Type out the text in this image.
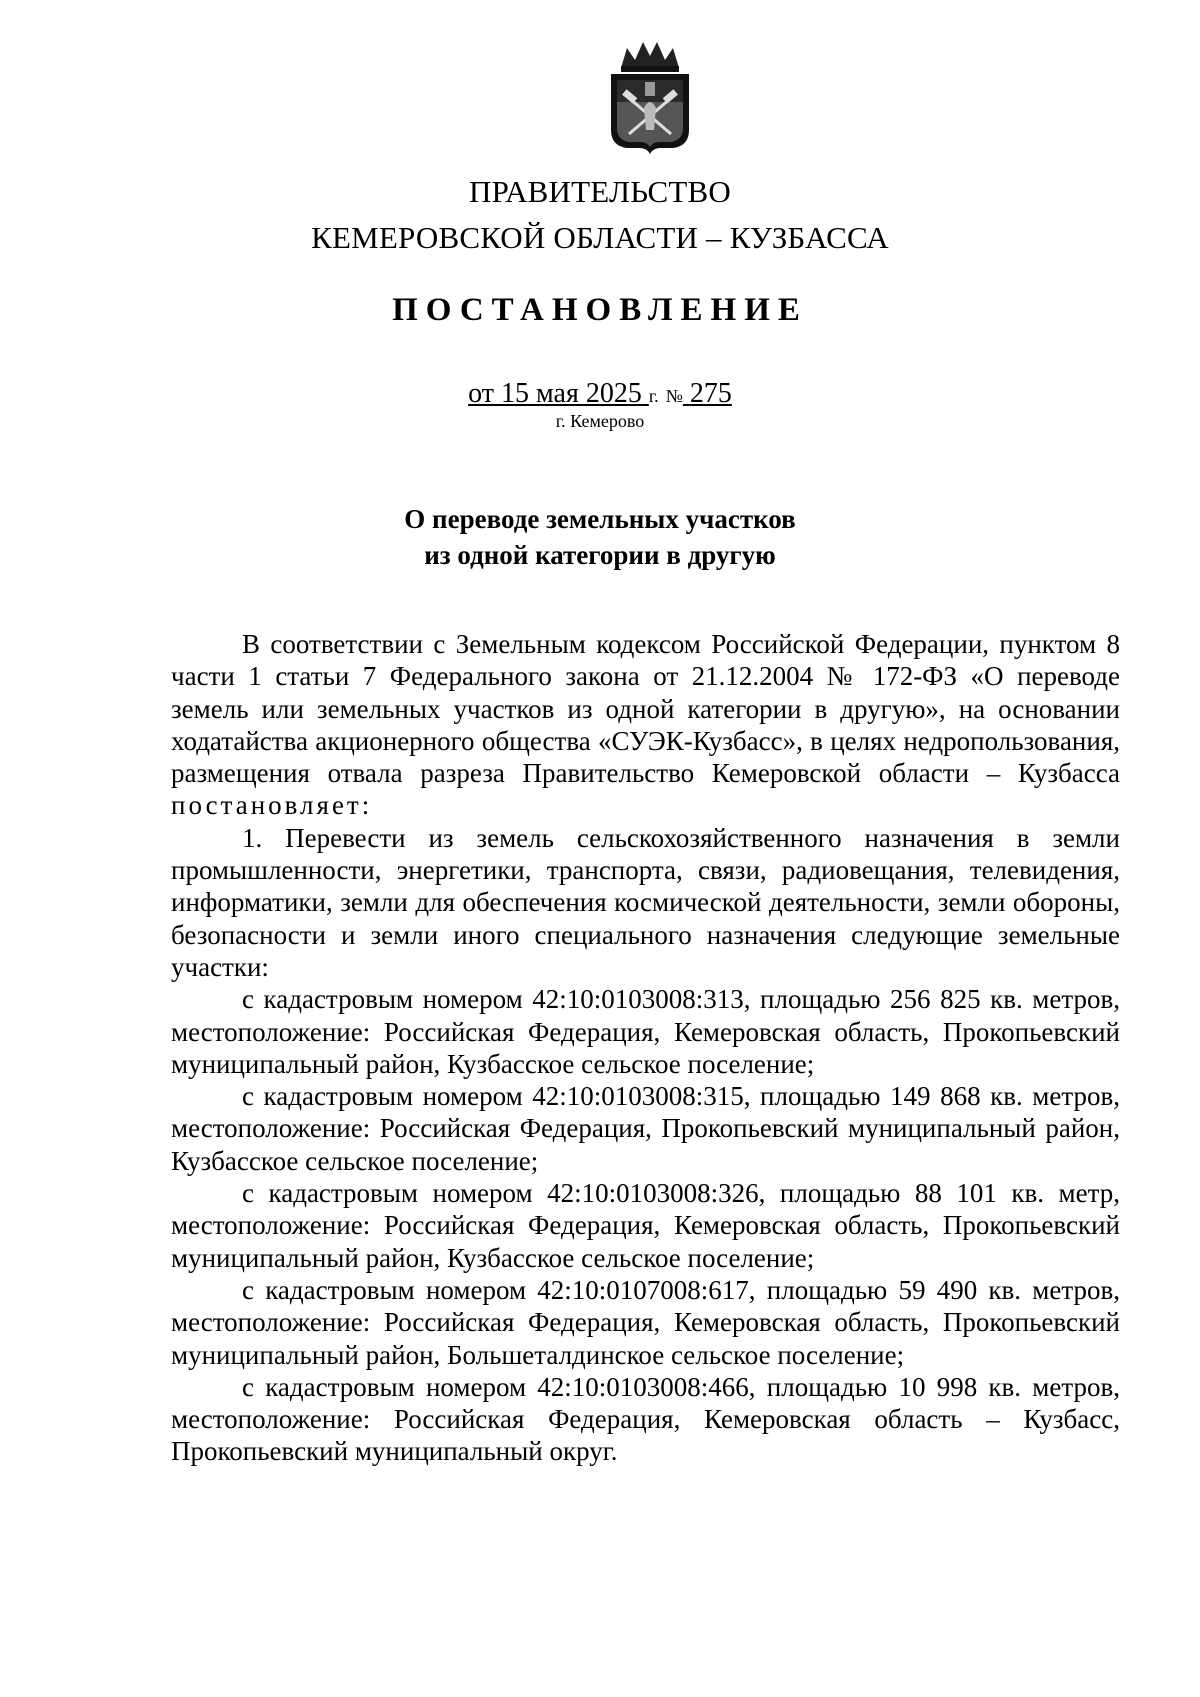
ПРАВИТЕЛЬСТВО
КЕМЕРОВСКОЙ ОБЛАСТИ – КУЗБАССА
ПОСТАНОВЛЕНИЕ
от 15 мая 2025 г. № 275
г. Кемерово
О переводе земельных участков
из одной категории в другую

В соответствии с Земельным кодексом Российской Федерации, пунктом 8 части 1 статьи 7 Федерального закона от 21.12.2004 № 172-ФЗ «О переводе земель или земельных участков из одной категории в другую», на основании ходатайства акционерного общества «СУЭК-Кузбасс», в целях недропользования, размещения отвала разреза Правительство Кемеровской области – Кузбасса постановляет:

1. Перевести из земель сельскохозяйственного назначения в земли промышленности, энергетики, транспорта, связи, радиовещания, телевидения, информатики, земли для обеспечения космической деятельности, земли обороны, безопасности и земли иного специального назначения следующие земельные участки:

с кадастровым номером 42:10:0103008:313, площадью 256 825 кв. метров, местоположение: Российская Федерация, Кемеровская область, Прокопьевский муниципальный район, Кузбасское сельское поселение;

с кадастровым номером 42:10:0103008:315, площадью 149 868 кв. метров, местоположение: Российская Федерация, Прокопьевский муниципальный район, Кузбасское сельское поселение;

с кадастровым номером 42:10:0103008:326, площадью 88 101 кв. метр, местоположение: Российская Федерация, Кемеровская область, Прокопьевский муниципальный район, Кузбасское сельское поселение;

с кадастровым номером 42:10:0107008:617, площадью 59 490 кв. метров, местоположение: Российская Федерация, Кемеровская область, Прокопьевский муниципальный район, Большеталдинское сельское поселение;

с кадастровым номером 42:10:0103008:466, площадью 10 998 кв. метров, местоположение: Российская Федерация, Кемеровская область – Кузбасс, Прокопьевский муниципальный округ.
